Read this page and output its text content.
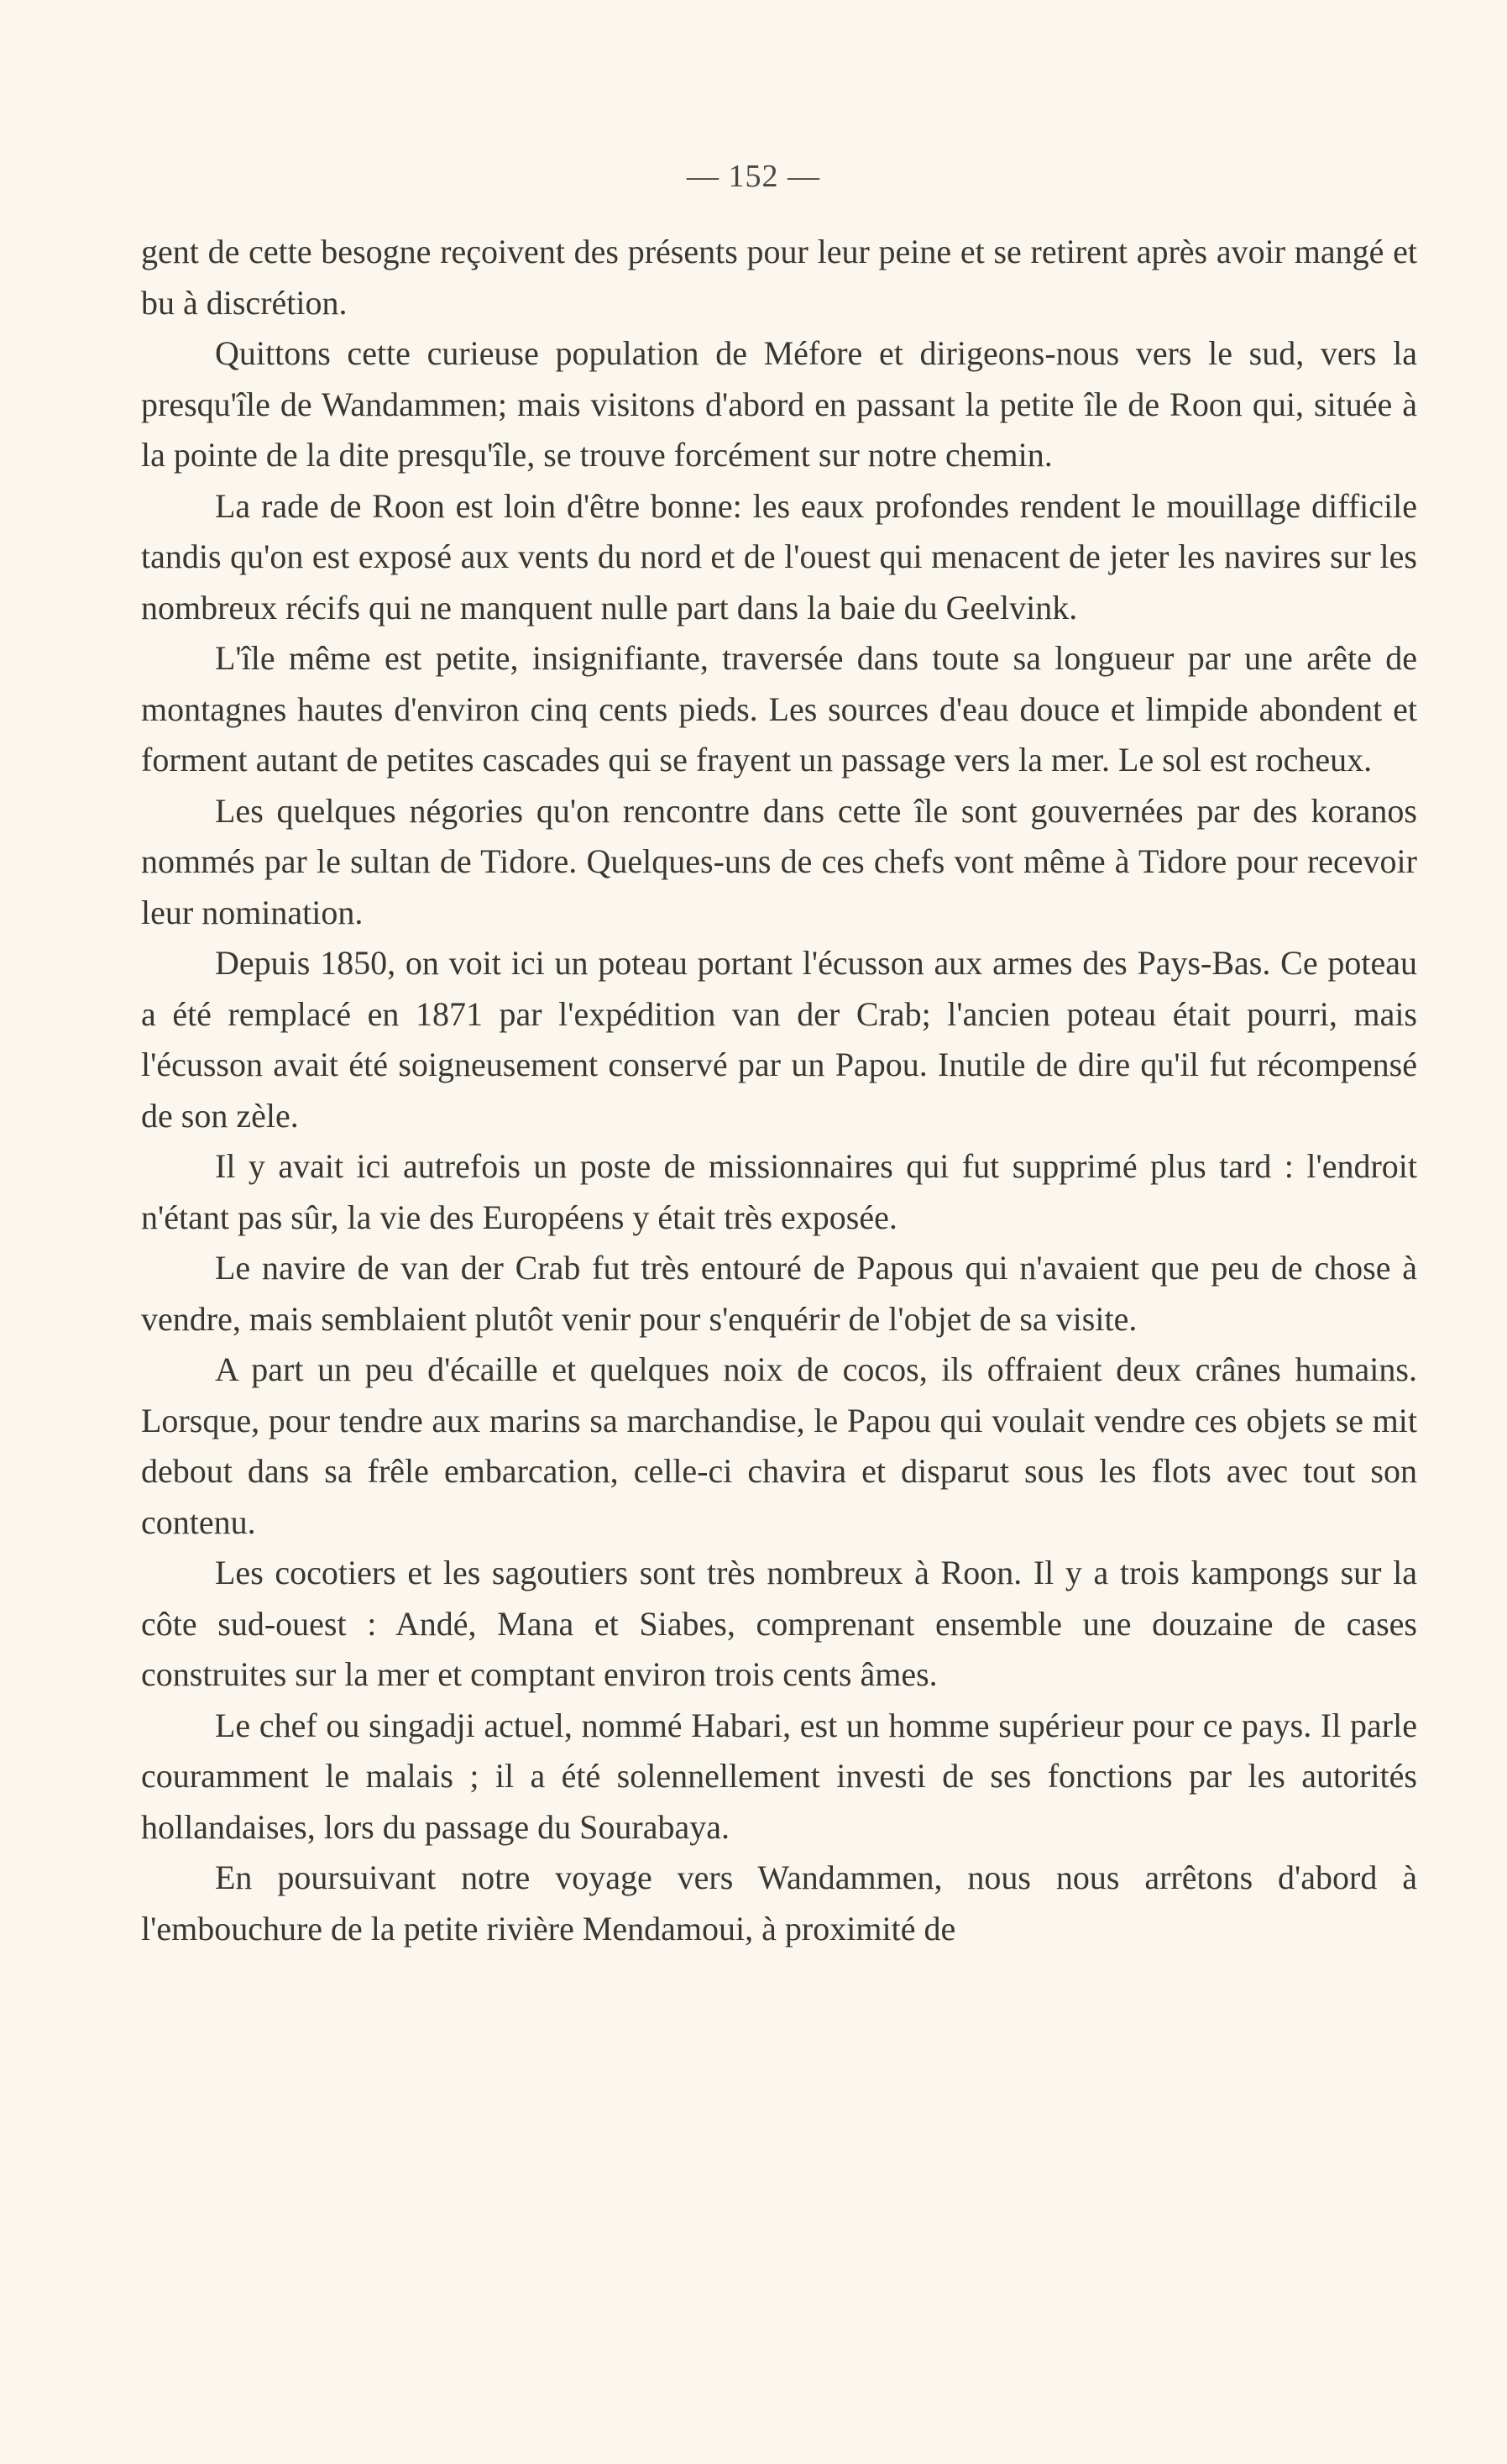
— 152 —

gent de cette besogne reçoivent des présents pour leur peine et se retirent après avoir mangé et bu à discrétion.

Quittons cette curieuse population de Méfore et dirigeons-nous vers le sud, vers la presqu'île de Wandammen; mais visitons d'abord en passant la petite île de Roon qui, située à la pointe de la dite presqu'île, se trouve forcément sur notre chemin.

La rade de Roon est loin d'être bonne: les eaux profondes rendent le mouillage difficile tandis qu'on est exposé aux vents du nord et de l'ouest qui menacent de jeter les navires sur les nombreux récifs qui ne manquent nulle part dans la baie du Geelvink.

L'île même est petite, insignifiante, traversée dans toute sa longueur par une arête de montagnes hautes d'environ cinq cents pieds. Les sources d'eau douce et limpide abondent et forment autant de petites cascades qui se frayent un passage vers la mer. Le sol est rocheux.

Les quelques négories qu'on rencontre dans cette île sont gouvernées par des koranos nommés par le sultan de Tidore. Quelques-uns de ces chefs vont même à Tidore pour recevoir leur nomination.

Depuis 1850, on voit ici un poteau portant l'écusson aux armes des Pays-Bas. Ce poteau a été remplacé en 1871 par l'expédition van der Crab; l'ancien poteau était pourri, mais l'écusson avait été soigneusement conservé par un Papou. Inutile de dire qu'il fut récompensé de son zèle.

Il y avait ici autrefois un poste de missionnaires qui fut supprimé plus tard : l'endroit n'étant pas sûr, la vie des Européens y était très exposée.

Le navire de van der Crab fut très entouré de Papous qui n'avaient que peu de chose à vendre, mais semblaient plutôt venir pour s'enquérir de l'objet de sa visite.

A part un peu d'écaille et quelques noix de cocos, ils offraient deux crânes humains. Lorsque, pour tendre aux marins sa marchandise, le Papou qui voulait vendre ces objets se mit debout dans sa frêle embarcation, celle-ci chavira et disparut sous les flots avec tout son contenu.

Les cocotiers et les sagoutiers sont très nombreux à Roon. Il y a trois kampongs sur la côte sud-ouest : Andé, Mana et Siabes, comprenant ensemble une douzaine de cases construites sur la mer et comptant environ trois cents âmes.

Le chef ou singadji actuel, nommé Habari, est un homme supérieur pour ce pays. Il parle couramment le malais ; il a été solennellement investi de ses fonctions par les autorités hollandaises, lors du passage du Sourabaya.

En poursuivant notre voyage vers Wandammen, nous nous arrêtons d'abord à l'embouchure de la petite rivière Mendamoui, à proximité de
